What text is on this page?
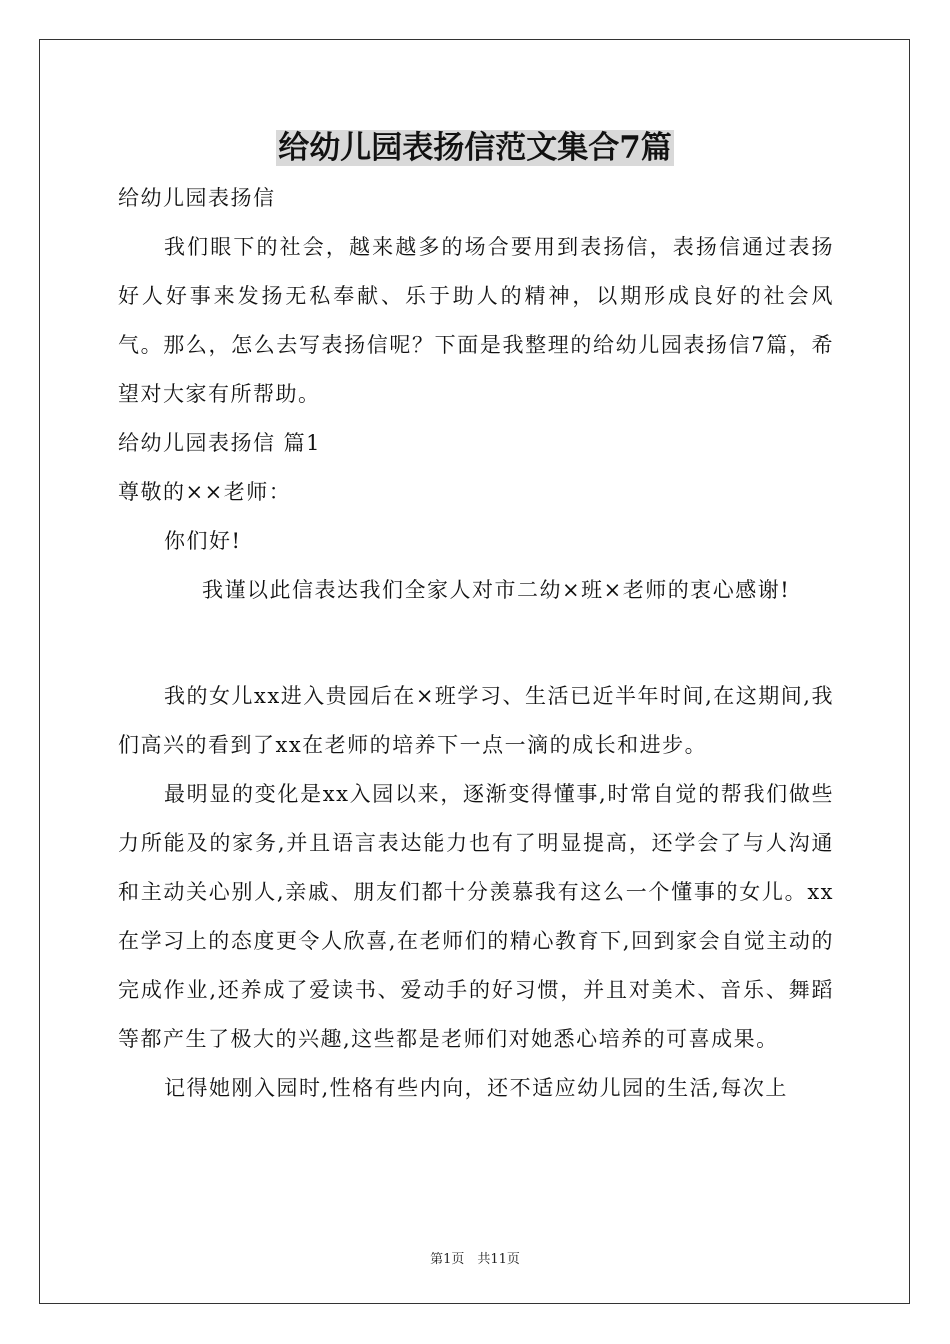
给幼儿园表扬信范文集合7篇

给幼儿园表扬信

我们眼下的社会，越来越多的场合要用到表扬信，表扬信通过表扬好人好事来发扬无私奉献、乐于助人的精神，以期形成良好的社会风气。那么，怎么去写表扬信呢？下面是我整理的给幼儿园表扬信7篇，希望对大家有所帮助。

给幼儿园表扬信 篇1

尊敬的××老师：

你们好!

我谨以此信表达我们全家人对市二幼×班×老师的衷心感谢!

我的女儿xx进入贵园后在×班学习、生活已近半年时间,在这期间,我们高兴的看到了xx在老师的培养下一点一滴的成长和进步。

最明显的变化是xx入园以来，逐渐变得懂事,时常自觉的帮我们做些力所能及的家务,并且语言表达能力也有了明显提高，还学会了与人沟通和主动关心别人,亲戚、朋友们都十分羡慕我有这么一个懂事的女儿。xx在学习上的态度更令人欣喜,在老师们的精心教育下,回到家会自觉主动的完成作业,还养成了爱读书、爱动手的好习惯，并且对美术、音乐、舞蹈等都产生了极大的兴趣,这些都是老师们对她悉心培养的可喜成果。

记得她刚入园时,性格有些内向，还不适应幼儿园的生活,每次上

第1页　共11页
